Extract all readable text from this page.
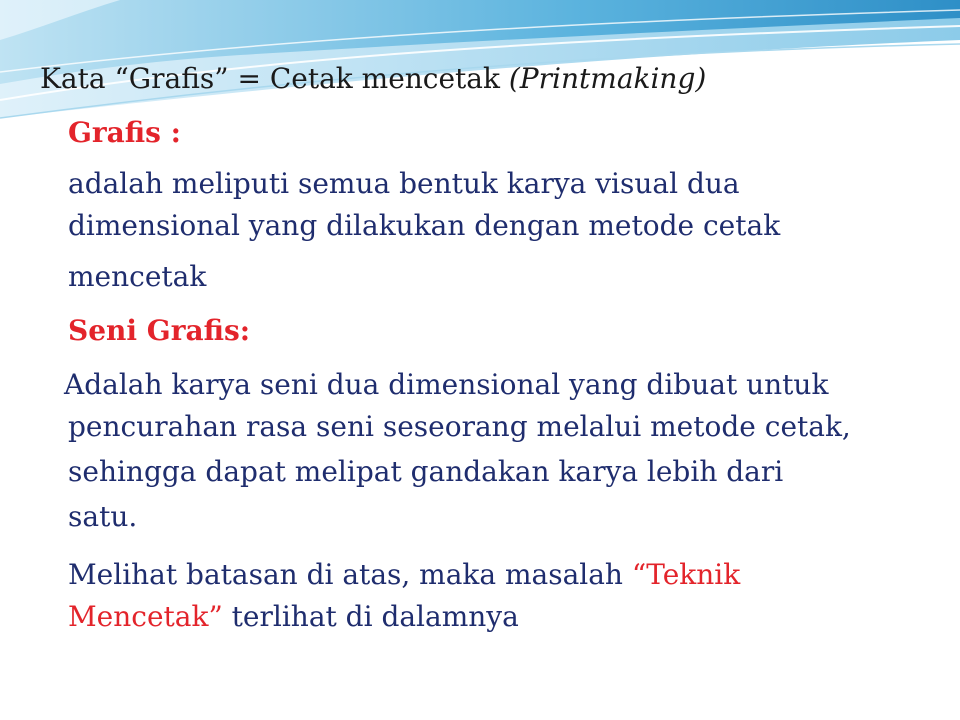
Kata “Grafis” = Cetak mencetak (Printmaking)
Grafis :
adalah meliputi semua bentuk karya visual dua
dimensional yang dilakukan dengan metode cetak
mencetak
Seni Grafis:
Adalah karya seni dua dimensional yang dibuat untuk
pencurahan rasa seni seseorang melalui metode cetak,
sehingga dapat melipat gandakan karya lebih dari
satu.
Melihat batasan di atas, maka masalah “Teknik
Mencetak” terlihat di dalamnya
